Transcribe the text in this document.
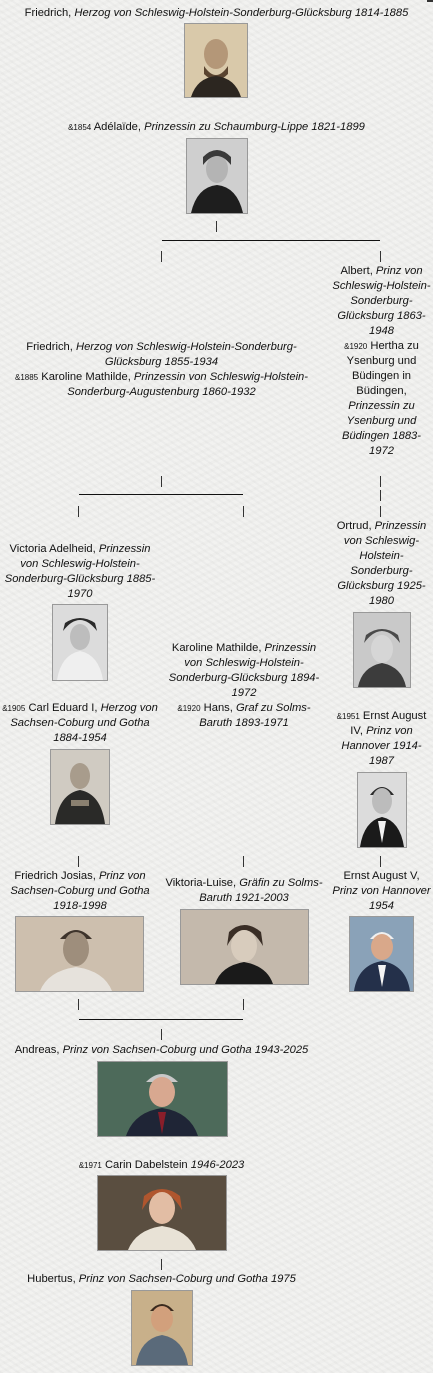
Friedrich, Herzog von Schleswig-Holstein-Sonderburg-Glücksburg 1814-1885
&1854 Adélaïde, Prinzessin zu Schaumburg-Lippe 1821-1899
Friedrich, Herzog von Schleswig-Holstein-Sonderburg-Glücksburg 1855-1934
&1885 Karoline Mathilde, Prinzessin von Schleswig-Holstein-Sonderburg-Augustenburg 1860-1932
Albert, Prinz von Schleswig-Holstein-Sonderburg-Glücksburg 1863-1948
&1920 Hertha zu Ysenburg und Büdingen in Büdingen, Prinzessin zu Ysenburg und Büdingen 1883-1972
Victoria Adelheid, Prinzessin von Schleswig-Holstein-Sonderburg-Glücksburg 1885-1970
&1905 Carl Eduard I, Herzog von Sachsen-Coburg und Gotha 1884-1954
Karoline Mathilde, Prinzessin von Schleswig-Holstein-Sonderburg-Glücksburg 1894-1972
&1920 Hans, Graf zu Solms-Baruth 1893-1971
Ortrud, Prinzessin von Schleswig-Holstein-Sonderburg-Glücksburg 1925-1980
&1951 Ernst August IV, Prinz von Hannover 1914-1987
Friedrich Josias, Prinz von Sachsen-Coburg und Gotha 1918-1998
Viktoria-Luise, Gräfin zu Solms-Baruth 1921-2003
Ernst August V, Prinz von Hannover 1954
Andreas, Prinz von Sachsen-Coburg und Gotha 1943-2025
&1971 Carin Dabelstein 1946-2023
Hubertus, Prinz von Sachsen-Coburg und Gotha 1975
